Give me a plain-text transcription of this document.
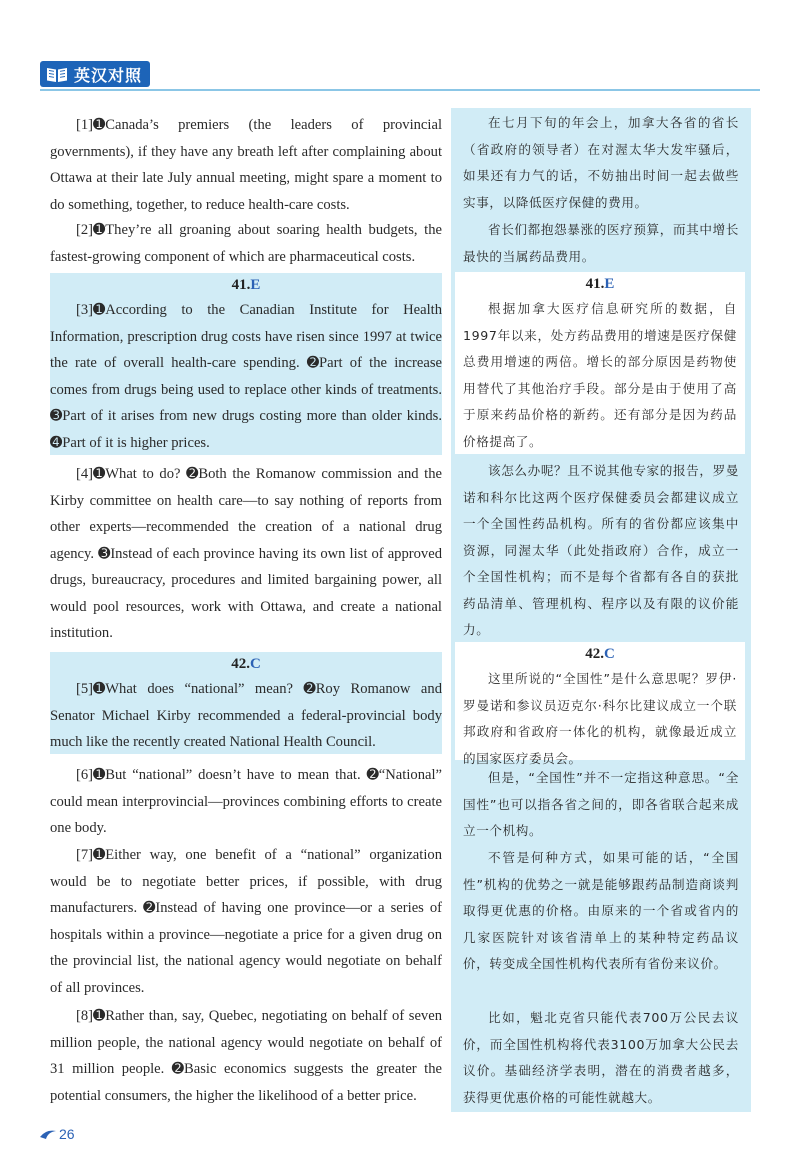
英汉对照

[1]➊Canada’s premiers (the leaders of provincial governments), if they have any breath left after complaining about Ottawa at their late July annual meeting, might spare a moment to do something, together, to reduce health-care costs.

[2]➊They’re all groaning about soaring health budgets, the fastest-growing component of which are pharmaceutical costs.

41.E

[3]➊According to the Canadian Institute for Health Information, prescription drug costs have risen since 1997 at twice the rate of overall health-care spending. ➋Part of the increase comes from drugs being used to replace other kinds of treatments. ➌Part of it arises from new drugs costing more than older kinds. ➍Part of it is higher prices.

[4]➊What to do? ➋Both the Romanow commission and the Kirby committee on health care—to say nothing of reports from other experts—recommended the creation of a national drug agency. ➌Instead of each province having its own list of approved drugs, bureaucracy, procedures and limited bargaining power, all would pool resources, work with Ottawa, and create a national institution.

42.C

[5]➊What does “national” mean? ➋Roy Romanow and Senator Michael Kirby recommended a federal-provincial body much like the recently created National Health Council.

[6]➊But “national” doesn’t have to mean that. ➋“National” could mean interprovincial—provinces combining efforts to create one body.

[7]➊Either way, one benefit of a “national” organization would be to negotiate better prices, if possible, with drug manufacturers. ➋Instead of having one province—or a series of hospitals within a province—negotiate a price for a given drug on the provincial list, the national agency would negotiate on behalf of all provinces.

[8]➊Rather than, say, Quebec, negotiating on behalf of seven million people, the national agency would negotiate on behalf of 31 million people. ➋Basic economics suggests the greater the potential consumers, the higher the likelihood of a better price.

在七月下旬的年会上，加拿大各省的省长（省政府的领导者）在对渥太华大发牢骚后，如果还有力气的话，不妨抽出时间一起去做些实事，以降低医疗保健的费用。

省长们都抱怨暴涨的医疗预算，而其中增长最快的当属药品费用。

41.E

根据加拿大医疗信息研究所的数据，自1997年以来，处方药品费用的增速是医疗保健总费用增速的两倍。增长的部分原因是药物使用替代了其他治疗手段。部分是由于使用了高于原来药品价格的新药。还有部分是因为药品价格提高了。

该怎么办呢？且不说其他专家的报告，罗曼诺和科尔比这两个医疗保健委员会都建议成立一个全国性药品机构。所有的省份都应该集中资源，同渥太华（此处指政府）合作，成立一个全国性机构；而不是每个省都有各自的获批药品清单、管理机构、程序以及有限的议价能力。

42.C

这里所说的“全国性”是什么意思呢？罗伊·罗曼诺和参议员迈克尔·科尔比建议成立一个联邦政府和省政府一体化的机构，就像最近成立的国家医疗委员会。

但是，“全国性”并不一定指这种意思。“全国性”也可以指各省之间的，即各省联合起来成立一个机构。

不管是何种方式，如果可能的话，“全国性”机构的优势之一就是能够跟药品制造商谈判取得更优惠的价格。由原来的一个省或省内的几家医院针对该省清单上的某种特定药品议价，转变成全国性机构代表所有省份来议价。

比如，魁北克省只能代表700万公民去议价，而全国性机构将代表3100万加拿大公民去议价。基础经济学表明，潜在的消费者越多，获得更优惠价格的可能性就越大。

26
